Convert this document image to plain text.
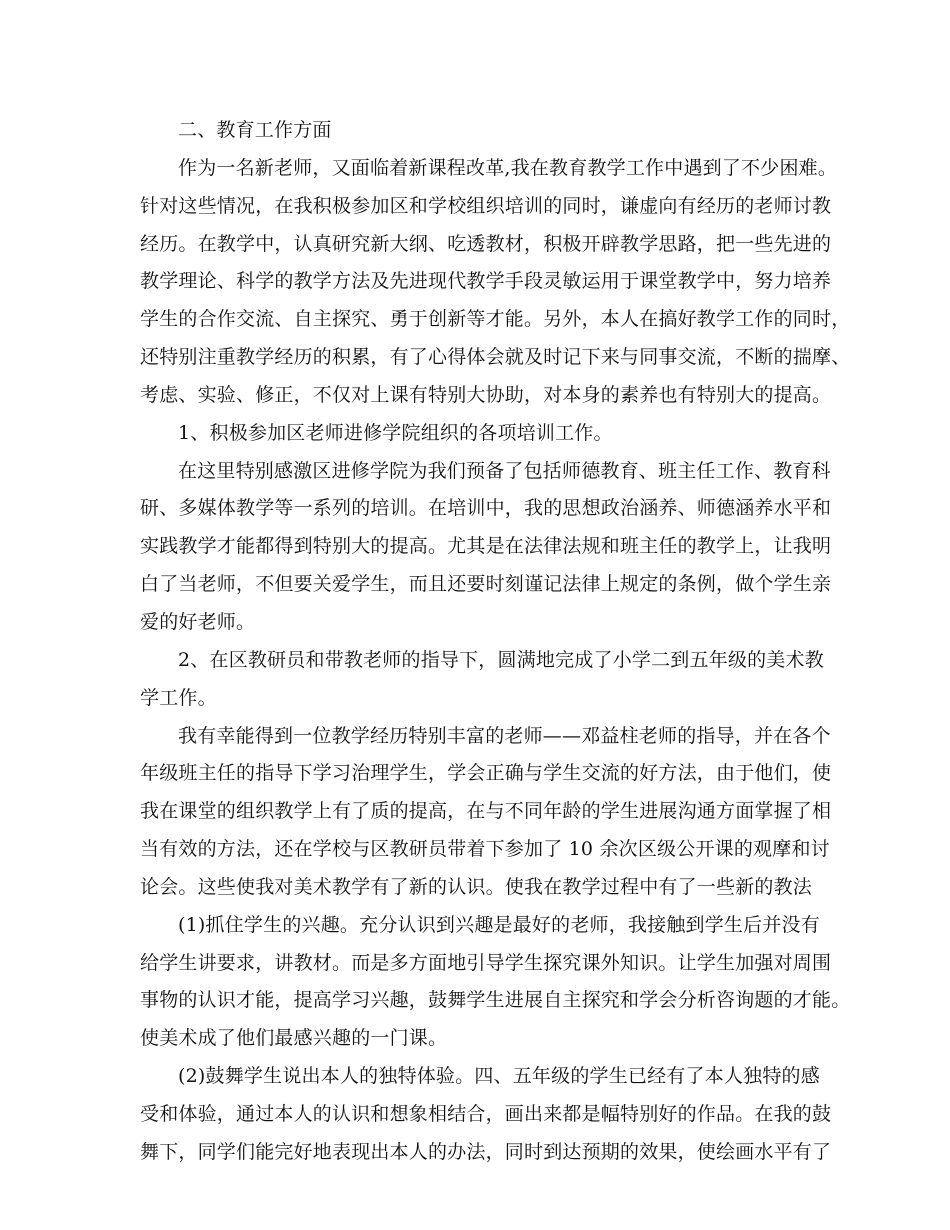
二、教育工作方面
作为一名新老师，又面临着新课程改革,我在教育教学工作中遇到了不少困难。
针对这些情况，在我积极参加区和学校组织培训的同时，谦虚向有经历的老师讨教
经历。在教学中，认真研究新大纲、吃透教材，积极开辟教学思路，把一些先进的
教学理论、科学的教学方法及先进现代教学手段灵敏运用于课堂教学中，努力培养
学生的合作交流、自主探究、勇于创新等才能。另外，本人在搞好教学工作的同时，
还特别注重教学经历的积累，有了心得体会就及时记下来与同事交流，不断的揣摩、
考虑、实验、修正，不仅对上课有特别大协助，对本身的素养也有特别大的提高。
1、积极参加区老师进修学院组织的各项培训工作。
在这里特别感激区进修学院为我们预备了包括师德教育、班主任工作、教育科
研、多媒体教学等一系列的培训。在培训中，我的思想政治涵养、师德涵养水平和
实践教学才能都得到特别大的提高。尤其是在法律法规和班主任的教学上，让我明
白了当老师，不但要关爱学生，而且还要时刻谨记法律上规定的条例，做个学生亲
爱的好老师。
2、在区教研员和带教老师的指导下，圆满地完成了小学二到五年级的美术教
学工作。
我有幸能得到一位教学经历特别丰富的老师——邓益柱老师的指导，并在各个
年级班主任的指导下学习治理学生，学会正确与学生交流的好方法，由于他们，使
我在课堂的组织教学上有了质的提高，在与不同年龄的学生进展沟通方面掌握了相
当有效的方法，还在学校与区教研员带着下参加了 10 余次区级公开课的观摩和讨
论会。这些使我对美术教学有了新的认识。使我在教学过程中有了一些新的教法
(1)抓住学生的兴趣。充分认识到兴趣是最好的老师，我接触到学生后并没有
给学生讲要求，讲教材。而是多方面地引导学生探究课外知识。让学生加强对周围
事物的认识才能，提高学习兴趣，鼓舞学生进展自主探究和学会分析咨询题的才能。
使美术成了他们最感兴趣的一门课。
(2)鼓舞学生说出本人的独特体验。四、五年级的学生已经有了本人独特的感
受和体验，通过本人的认识和想象相结合，画出来都是幅特别好的作品。在我的鼓
舞下，同学们能完好地表现出本人的办法，同时到达预期的效果，使绘画水平有了
